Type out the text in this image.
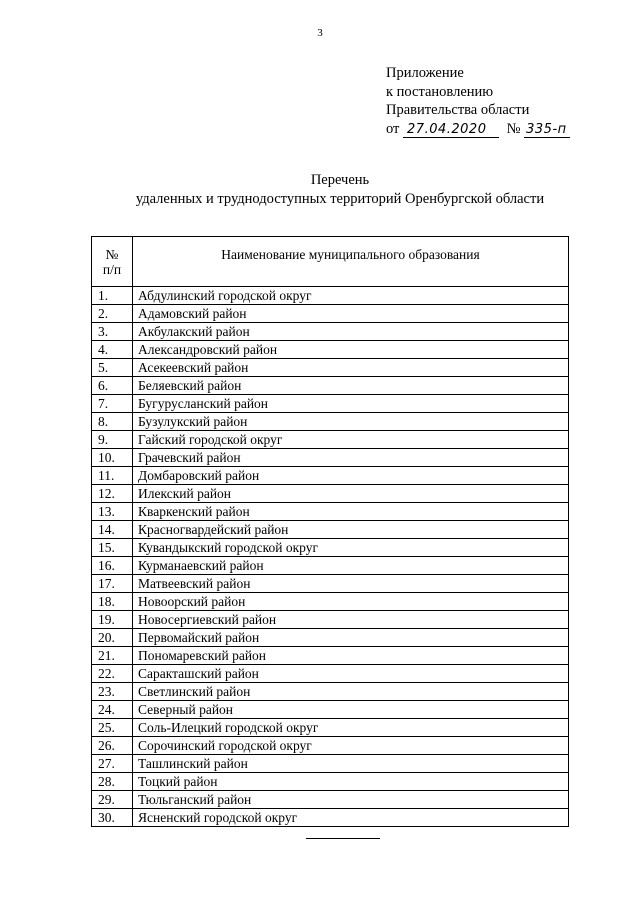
3
Приложение
к постановлению
Правительства области
от 27.04.2020 № 335-п
Перечень
удаленных и труднодоступных территорий Оренбургской области
№
п/п	Наименование муниципального образования
1.	Абдулинский городской округ
2.	Адамовский район
3.	Акбулакский район
4.	Александровский район
5.	Асекеевский район
6.	Беляевский район
7.	Бугурусланский район
8.	Бузулукский район
9.	Гайский городской округ
10.	Грачевский район
11.	Домбаровский район
12.	Илекский район
13.	Кваркенский район
14.	Красногвардейский район
15.	Кувандыкский городской округ
16.	Курманаевский район
17.	Матвеевский район
18.	Новоорский район
19.	Новосергиевский район
20.	Первомайский район
21.	Пономаревский район
22.	Саракташский район
23.	Светлинский район
24.	Северный район
25.	Соль-Илецкий городской округ
26.	Сорочинский городской округ
27.	Ташлинский район
28.	Тоцкий район
29.	Тюльганский район
30.	Ясненский городской округ
